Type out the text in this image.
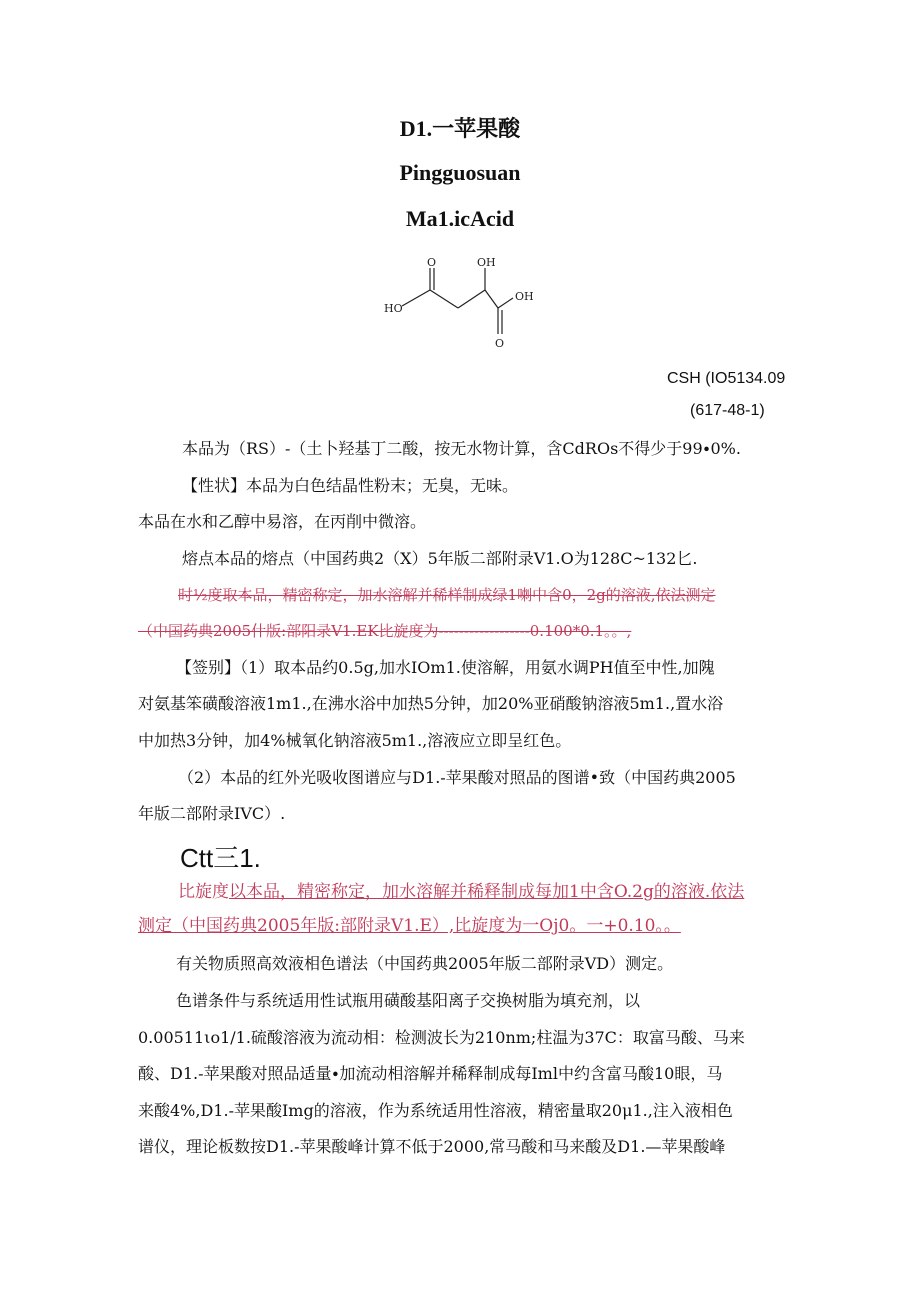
D1.一苹果酸
Pingguosuan
Ma1.icAcid
O	OH
HO
OH
O
CSH (IO5134.09
(617-48-1)
本品为（RS）-（土卜羟基丁二酸，按无水物计算，含CdROs不得少于99∙0%.
【性状】本品为白色结晶性粉末；无臭，无味。
本品在水和乙醇中易溶，在丙削中微溶。
熔点本品的熔点（中国药典2（X）5年版二部附录V1.O为128C~132匕.
时½度取本品，精密称定，加水溶解并稀样制成绿1喇中含0，2g的溶液,依法测定
（中国药典2005什版:部阳录V1.EK比旋度为------------------0.100*0.1。。,
【签别】（1）取本品约0.5g,加水IOm1.使溶解，用氨水调PH值至中性,加隗
对氨基笨磺酸溶液1m1.,在沸水浴中加热5分钟，加20%亚硝酸钠溶液5m1.,置水浴
中加热3分钟，加4%械氧化钠溶液5m1.,溶液应立即呈红色。
（2）本品的红外光吸收图谱应与D1.-苹果酸对照品的图谱•致（中国药典2005
年版二部附录IVC）.
Ctt三1.
比旋度以本品，精密称定，加水溶解并稀释制成每加1中含O.2g的溶液.依法
测定（中国药典2005年版:部附录V1.E）,比旋度为一Oj0。一+0.10。。
有关物质照高效液相色谱法（中国药典2005年版二部附录VD）测定。
色谱条件与系统适用性试瓶用磺酸基阳离子交换树脂为填充剂，以
0.00511ιo1∕1.硫酸溶液为流动相：检测波长为210nm;柱温为37C：取富马酸、马来
酸、D1.-苹果酸对照品适量∙加流动相溶解并稀释制成每Iml中约含富马酸10眼，马
来酸4%,D1.-苹果酸Img的溶液，作为系统适用性溶液，精密量取20μ1.,注入液相色
谱仪，理论板数按D1.-苹果酸峰计算不低于2000,常马酸和马来酸及D1.—苹果酸峰
